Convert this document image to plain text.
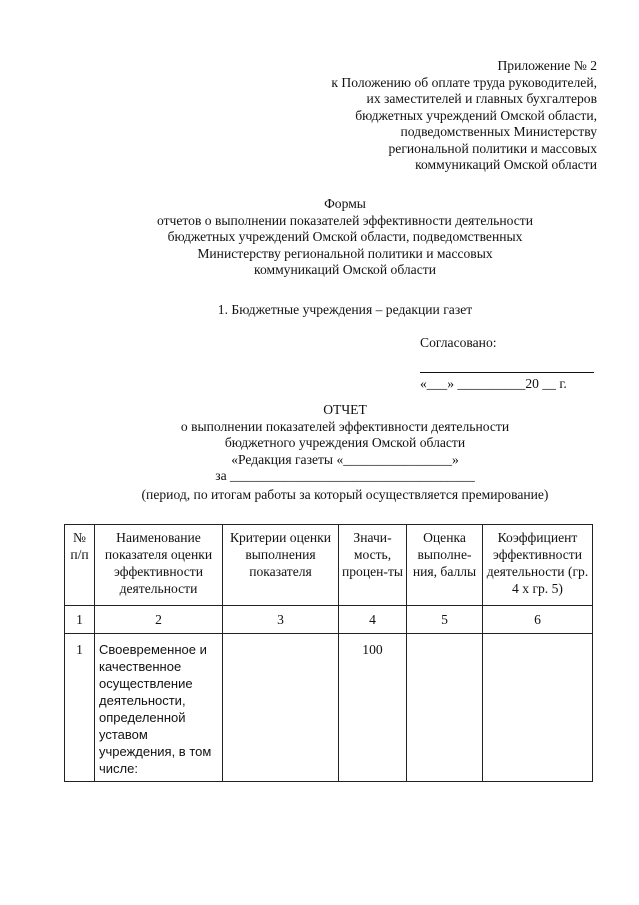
Приложение № 2
к Положению об оплате труда руководителей,
их заместителей и главных бухгалтеров
бюджетных учреждений Омской области,
подведомственных Министерству
региональной политики и массовых
коммуникаций Омской области
Формы
отчетов о выполнении показателей эффективности деятельности
бюджетных учреждений Омской области, подведомственных
Министерству региональной политики и массовых
коммуникаций Омской области
1. Бюджетные учреждения – редакции газет
Согласовано:
«___» __________20 __ г.
ОТЧЕТ
о выполнении показателей эффективности деятельности
бюджетного учреждения Омской области
«Редакция газеты «________________»
за ____________________________________
(период, по итогам работы за который осуществляется премирование)
№ п/п	Наименование показателя оценки эффективности деятельности	Критерии оценки выполнения показателя	Значи-мость, процен-ты	Оценка выполне-ния, баллы	Коэффициент эффективности деятельности (гр. 4 х гр. 5)
1	2	3	4	5	6
1	Своевременное и качественное осуществление деятельности, определенной уставом учреждения, в том числе:		100		
